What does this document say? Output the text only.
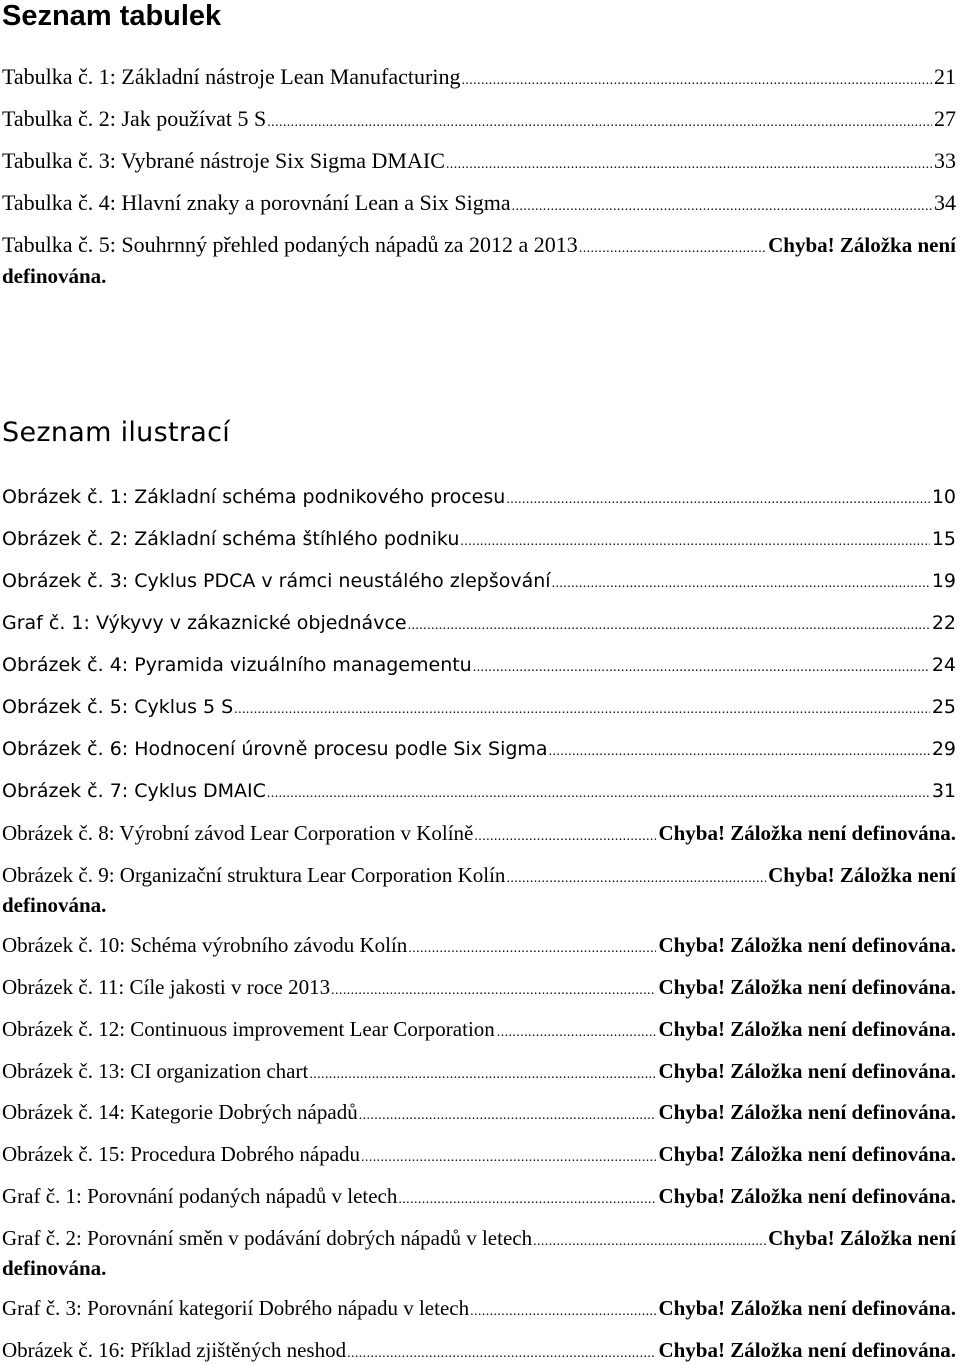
Seznam tabulek
Tabulka č. 1: Základní nástroje Lean Manufacturing .....	21
Tabulka č. 2: Jak používat 5 S .....	27
Tabulka č. 3: Vybrané nástroje Six Sigma DMAIC .....	33
Tabulka č. 4: Hlavní znaky a porovnání Lean a Six Sigma .....	34
Tabulka č. 5: Souhrnný přehled podaných nápadů za 2012 a 2013 .....	Chyba! Záložka není
definována.
Seznam ilustrací
Obrázek č. 1: Základní schéma podnikového procesu .....	10
Obrázek č. 2: Základní schéma štíhlého podniku .....	15
Obrázek č. 3: Cyklus PDCA v rámci neustálého zlepšování .....	19
Graf č. 1: Výkyvy v zákaznické objednávce .....	22
Obrázek č. 4: Pyramida vizuálního managementu .....	24
Obrázek č. 5: Cyklus 5 S .....	25
Obrázek č. 6: Hodnocení úrovně procesu podle Six Sigma .....	29
Obrázek č. 7: Cyklus DMAIC .....	31
Obrázek č. 8: Výrobní závod Lear Corporation v Kolíně .....	Chyba! Záložka není definována.
Obrázek č. 9: Organizační struktura Lear Corporation Kolín .....	Chyba! Záložka není
definována.
Obrázek č. 10: Schéma výrobního závodu Kolín .....	Chyba! Záložka není definována.
Obrázek č. 11: Cíle jakosti v roce 2013 .....	Chyba! Záložka není definována.
Obrázek č. 12: Continuous improvement Lear Corporation .....	Chyba! Záložka není definována.
Obrázek č. 13: CI organization chart .....	Chyba! Záložka není definována.
Obrázek č. 14: Kategorie Dobrých nápadů .....	Chyba! Záložka není definována.
Obrázek č. 15: Procedura Dobrého nápadu .....	Chyba! Záložka není definována.
Graf č. 1: Porovnání podaných nápadů v letech .....	Chyba! Záložka není definována.
Graf č. 2: Porovnání směn v podávání dobrých nápadů v letech .....	Chyba! Záložka není
definována.
Graf č. 3: Porovnání kategorií Dobrého nápadu v letech .....	Chyba! Záložka není definována.
Obrázek č. 16: Příklad zjištěných neshod .....	Chyba! Záložka není definována.
